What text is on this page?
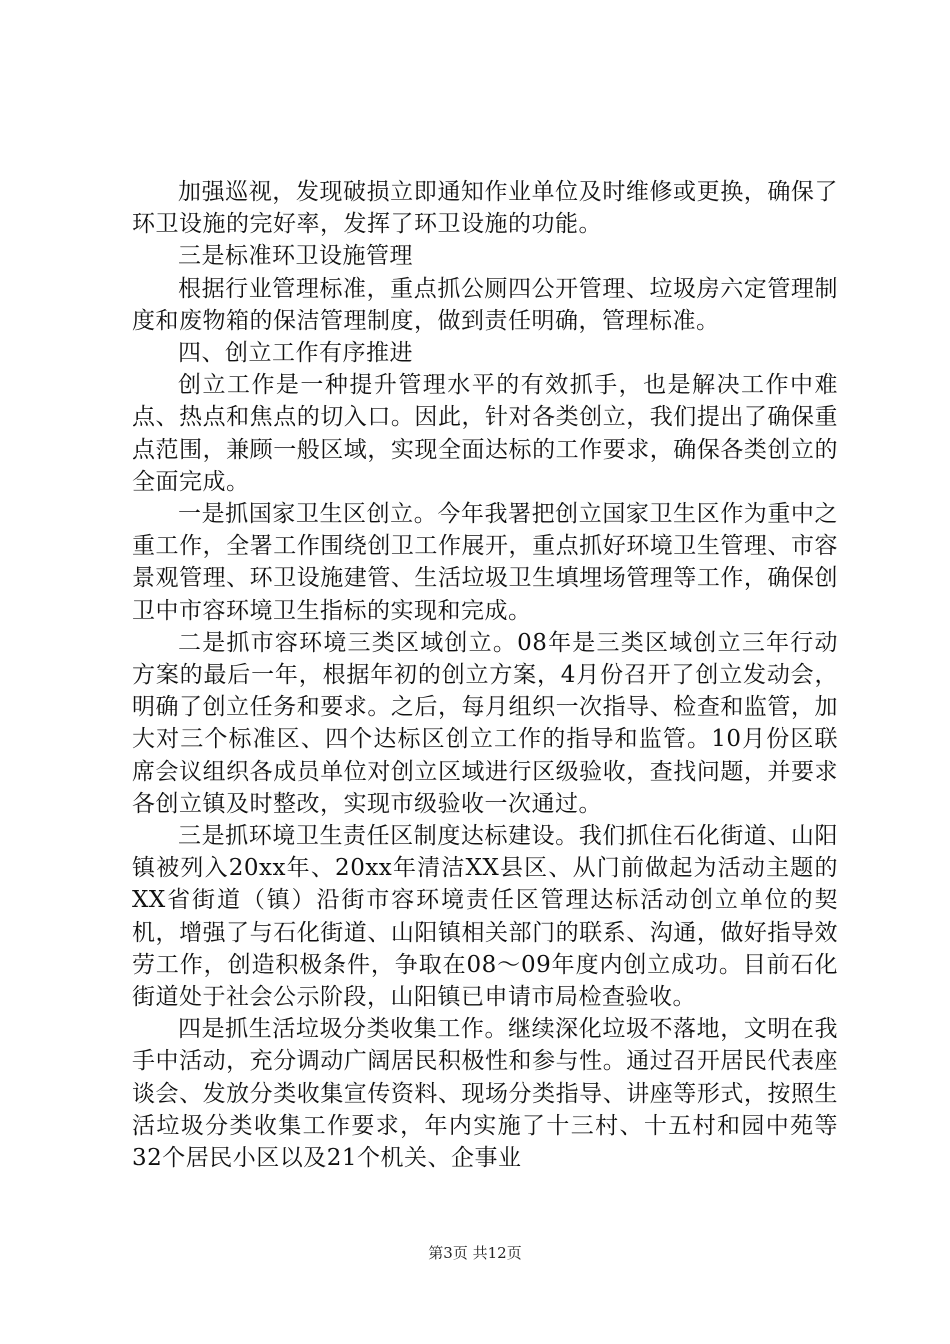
加强巡视，发现破损立即通知作业单位及时维修或更换，确保了环卫设施的完好率，发挥了环卫设施的功能。

三是标准环卫设施管理

根据行业管理标准，重点抓公厕四公开管理、垃圾房六定管理制度和废物箱的保洁管理制度，做到责任明确，管理标准。

四、创立工作有序推进

创立工作是一种提升管理水平的有效抓手，也是解决工作中难点、热点和焦点的切入口。因此，针对各类创立，我们提出了确保重点范围，兼顾一般区域，实现全面达标的工作要求，确保各类创立的全面完成。

一是抓国家卫生区创立。今年我署把创立国家卫生区作为重中之重工作，全署工作围绕创卫工作展开，重点抓好环境卫生管理、市容景观管理、环卫设施建管、生活垃圾卫生填埋场管理等工作，确保创卫中市容环境卫生指标的实现和完成。

二是抓市容环境三类区域创立。08年是三类区域创立三年行动方案的最后一年，根据年初的创立方案，4月份召开了创立发动会，明确了创立任务和要求。之后，每月组织一次指导、检查和监管，加大对三个标准区、四个达标区创立工作的指导和监管。10月份区联席会议组织各成员单位对创立区域进行区级验收，查找问题，并要求各创立镇及时整改，实现市级验收一次通过。

三是抓环境卫生责任区制度达标建设。我们抓住石化街道、山阳镇被列入20xx年、20xx年清洁XX县区、从门前做起为活动主题的XX省街道（镇）沿街市容环境责任区管理达标活动创立单位的契机，增强了与石化街道、山阳镇相关部门的联系、沟通，做好指导效劳工作，创造积极条件，争取在08～09年度内创立成功。目前石化街道处于社会公示阶段，山阳镇已申请市局检查验收。

四是抓生活垃圾分类收集工作。继续深化垃圾不落地，文明在我手中活动，充分调动广阔居民积极性和参与性。通过召开居民代表座谈会、发放分类收集宣传资料、现场分类指导、讲座等形式，按照生活垃圾分类收集工作要求，年内实施了十三村、十五村和园中苑等32个居民小区以及21个机关、企事业

第3页 共12页
